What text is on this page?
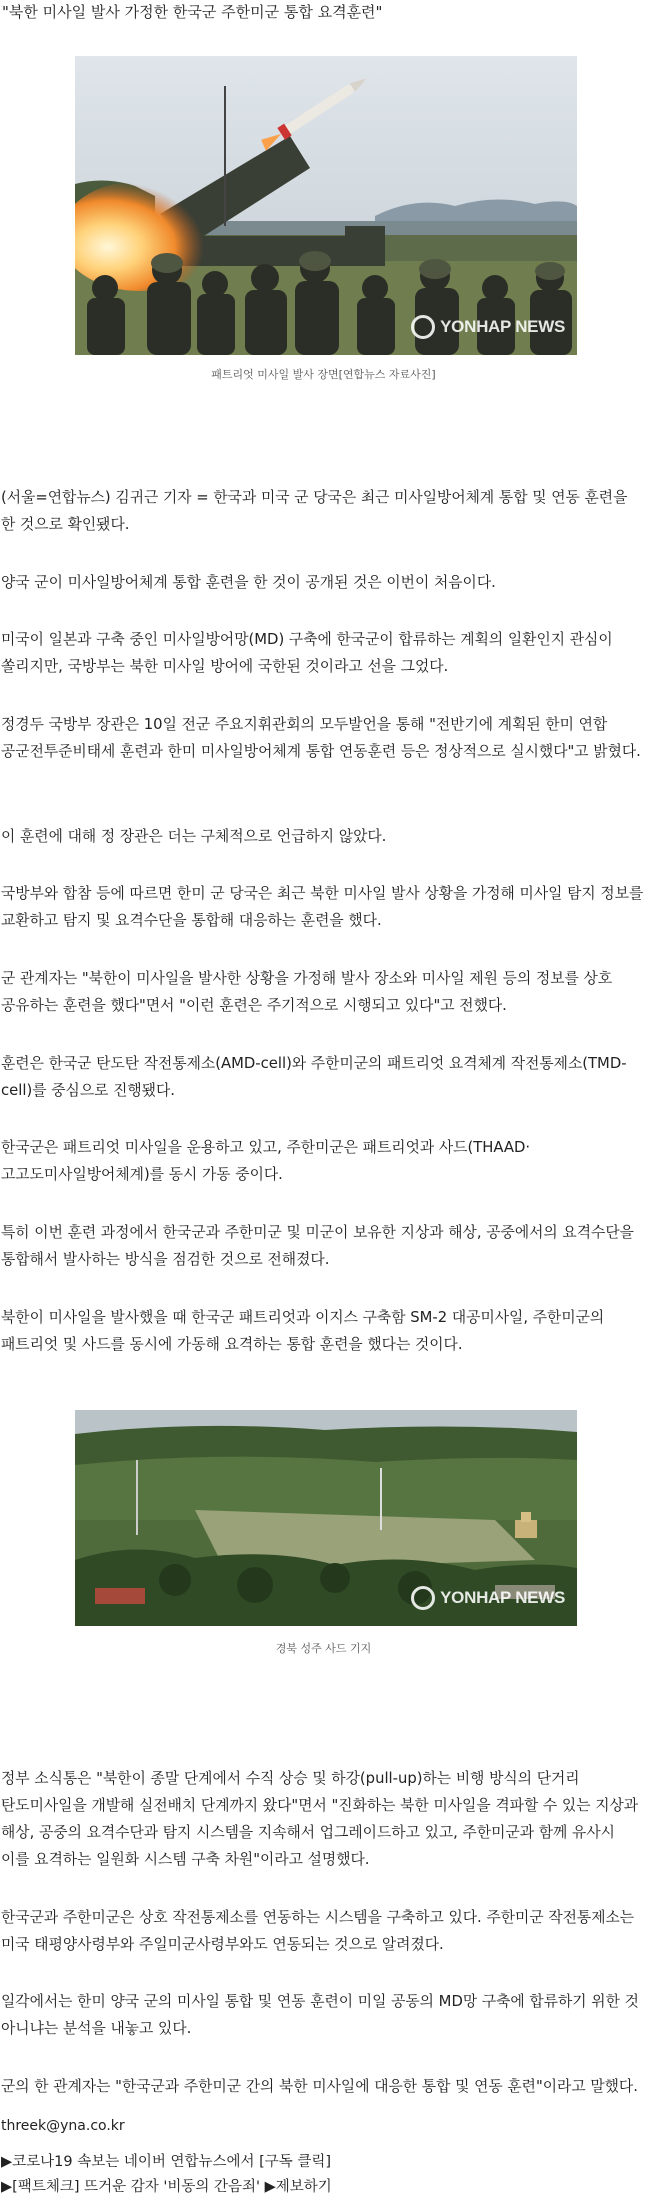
"북한 미사일 발사 가정한 한국군 주한미군 통합 요격훈련"
YONHAP NEWS
패트리엇 미사일 발사 장면[연합뉴스 자료사진]
(서울=연합뉴스) 김귀근 기자 = 한국과 미국 군 당국은 최근 미사일방어체계 통합 및 연동 훈련을 한 것으로 확인됐다.
양국 군이 미사일방어체계 통합 훈련을 한 것이 공개된 것은 이번이 처음이다.
미국이 일본과 구축 중인 미사일방어망(MD) 구축에 한국군이 합류하는 계획의 일환인지 관심이 쏠리지만, 국방부는 북한 미사일 방어에 국한된 것이라고 선을 그었다.
정경두 국방부 장관은 10일 전군 주요지휘관회의 모두발언을 통해 "전반기에 계획된 한미 연합 공군전투준비태세 훈련과 한미 미사일방어체계 통합 연동훈련 등은 정상적으로 실시했다"고 밝혔다.
이 훈련에 대해 정 장관은 더는 구체적으로 언급하지 않았다.
국방부와 합참 등에 따르면 한미 군 당국은 최근 북한 미사일 발사 상황을 가정해 미사일 탐지 정보를 교환하고 탐지 및 요격수단을 통합해 대응하는 훈련을 했다.
군 관계자는 "북한이 미사일을 발사한 상황을 가정해 발사 장소와 미사일 제원 등의 정보를 상호 공유하는 훈련을 했다"면서 "이런 훈련은 주기적으로 시행되고 있다"고 전했다.
훈련은 한국군 탄도탄 작전통제소(AMD-cell)와 주한미군의 패트리엇 요격체계 작전통제소(TMD-cell)를 중심으로 진행됐다.
한국군은 패트리엇 미사일을 운용하고 있고, 주한미군은 패트리엇과 사드(THAAD·고고도미사일방어체계)를 동시 가동 중이다.
특히 이번 훈련 과정에서 한국군과 주한미군 및 미군이 보유한 지상과 해상, 공중에서의 요격수단을 통합해서 발사하는 방식을 점검한 것으로 전해졌다.
북한이 미사일을 발사했을 때 한국군 패트리엇과 이지스 구축함 SM-2 대공미사일, 주한미군의 패트리엇 및 사드를 동시에 가동해 요격하는 통합 훈련을 했다는 것이다.
YONHAP NEWS
경북 성주 사드 기지
정부 소식통은 "북한이 종말 단계에서 수직 상승 및 하강(pull-up)하는 비행 방식의 단거리 탄도미사일을 개발해 실전배치 단계까지 왔다"면서 "진화하는 북한 미사일을 격파할 수 있는 지상과 해상, 공중의 요격수단과 탐지 시스템을 지속해서 업그레이드하고 있고, 주한미군과 함께 유사시 이를 요격하는 일원화 시스템 구축 차원"이라고 설명했다.
한국군과 주한미군은 상호 작전통제소를 연동하는 시스템을 구축하고 있다. 주한미군 작전통제소는 미국 태평양사령부와 주일미군사령부와도 연동되는 것으로 알려졌다.
일각에서는 한미 양국 군의 미사일 통합 및 연동 훈련이 미일 공동의 MD망 구축에 합류하기 위한 것 아니냐는 분석을 내놓고 있다.
군의 한 관계자는 "한국군과 주한미군 간의 북한 미사일에 대응한 통합 및 연동 훈련"이라고 말했다.
threek@yna.co.kr
▶코로나19 속보는 네이버 연합뉴스에서 [구독 클릭]
▶[팩트체크] 뜨거운 감자 '비동의 간음죄' ▶제보하기
